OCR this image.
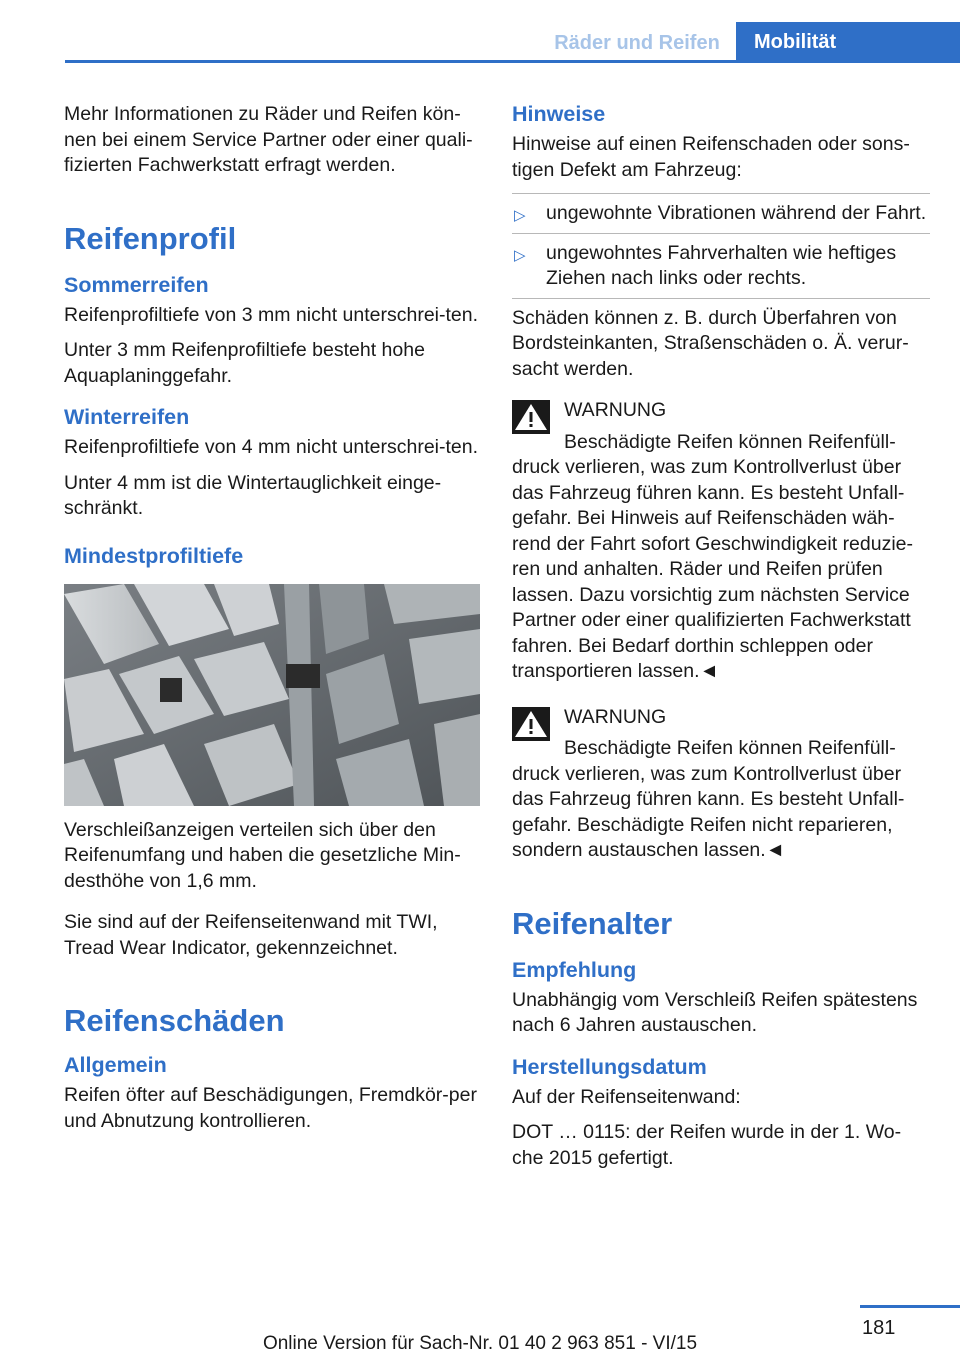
Räder und Reifen	Mobilität

Mehr Informationen zu Räder und Reifen kön-nen bei einem Service Partner oder einer quali-fizierten Fachwerkstatt erfragt werden.

Reifenprofil
Sommerreifen

Reifenprofiltiefe von 3 mm nicht unterschrei-ten.

Unter 3 mm Reifenprofiltiefe besteht hohe Aquaplaninggefahr.

Winterreifen

Reifenprofiltiefe von 4 mm nicht unterschrei-ten.

Unter 4 mm ist die Wintertauglichkeit einge-schränkt.

Mindestprofiltiefe

Verschleißanzeigen verteilen sich über den Reifenumfang und haben die gesetzliche Min-desthöhe von 1,6 mm.

Sie sind auf der Reifenseitenwand mit TWI, Tread Wear Indicator, gekennzeichnet.

Reifenschäden
Allgemein

Reifen öfter auf Beschädigungen, Fremdkör-per und Abnutzung kontrollieren.

Hinweise

Hinweise auf einen Reifenschaden oder sons-tigen Defekt am Fahrzeug:

▷ ungewohnte Vibrationen während der Fahrt.
▷ ungewohntes Fahrverhalten wie heftiges Ziehen nach links oder rechts.

Schäden können z. B. durch Überfahren von Bordsteinkanten, Straßenschäden o. Ä. verur-sacht werden.

WARNUNG
Beschädigte Reifen können Reifenfüll-
druck verlieren, was zum Kontrollverlust über das Fahrzeug führen kann. Es besteht Unfall-gefahr. Bei Hinweis auf Reifenschäden wäh-rend der Fahrt sofort Geschwindigkeit reduzie-ren und anhalten. Räder und Reifen prüfen lassen. Dazu vorsichtig zum nächsten Service Partner oder einer qualifizierten Fachwerkstatt fahren. Bei Bedarf dorthin schleppen oder transportieren lassen.◄
WARNUNG
Beschädigte Reifen können Reifenfüll-
druck verlieren, was zum Kontrollverlust über das Fahrzeug führen kann. Es besteht Unfall-gefahr. Beschädigte Reifen nicht reparieren, sondern austauschen lassen.◄
Reifenalter
Empfehlung

Unabhängig vom Verschleiß Reifen spätestens nach 6 Jahren austauschen.

Herstellungsdatum

Auf der Reifenseitenwand:

DOT … 0115: der Reifen wurde in der 1. Wo-che 2015 gefertigt.

181
Online Version für Sach-Nr. 01 40 2 963 851 - VI/15
